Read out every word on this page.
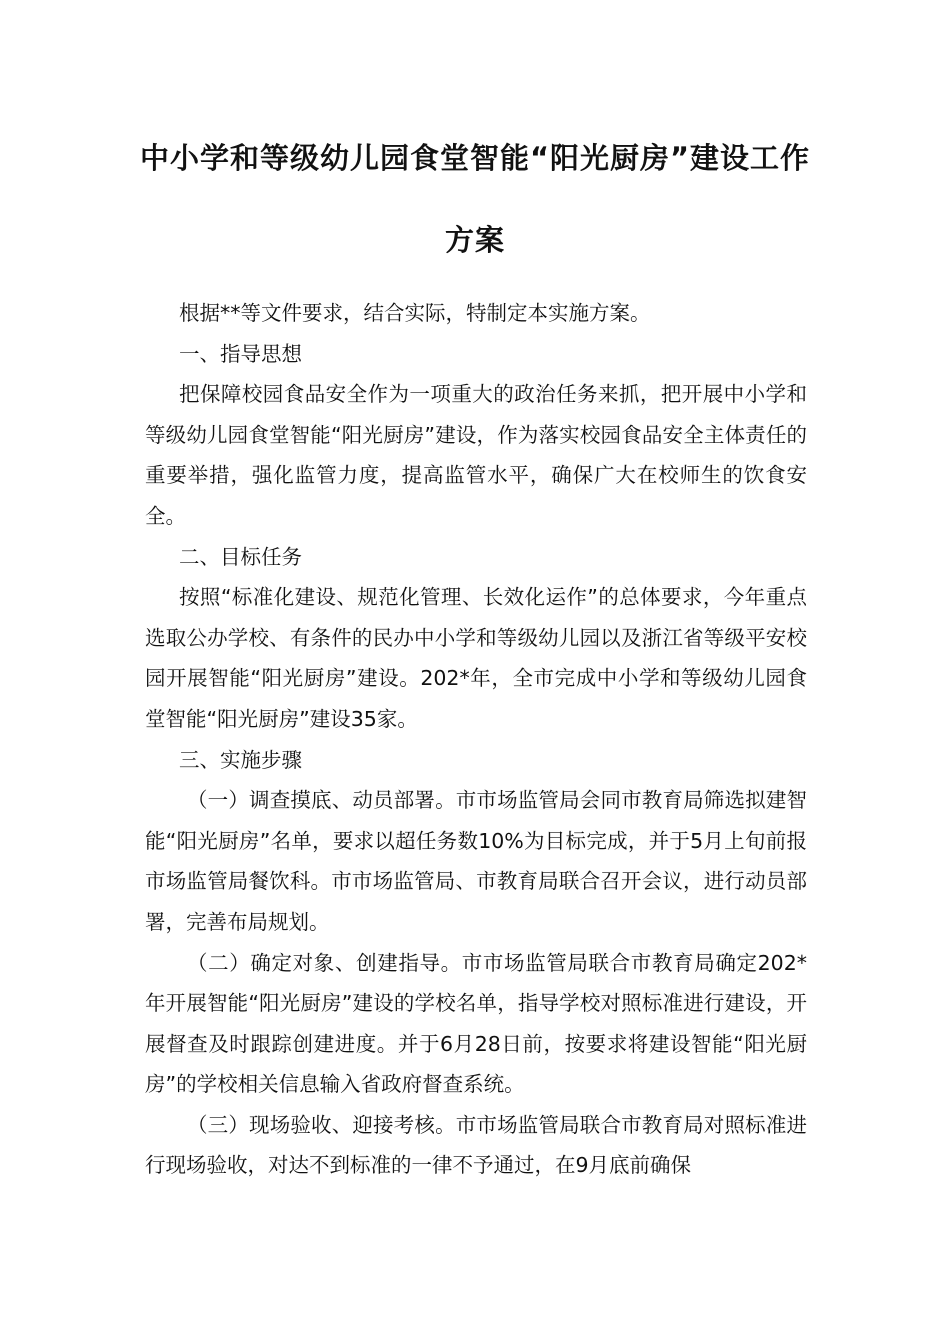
中小学和等级幼儿园食堂智能“阳光厨房”建设工作
方案

根据**等文件要求，结合实际，特制定本实施方案。

一、指导思想

把保障校园食品安全作为一项重大的政治任务来抓，把开展中小学和等级幼儿园食堂智能“阳光厨房”建设，作为落实校园食品安全主体责任的重要举措，强化监管力度，提高监管水平，确保广大在校师生的饮食安全。

二、目标任务

按照“标准化建设、规范化管理、长效化运作”的总体要求，今年重点选取公办学校、有条件的民办中小学和等级幼儿园以及浙江省等级平安校园开展智能“阳光厨房”建设。202*年，全市完成中小学和等级幼儿园食堂智能“阳光厨房”建设35家。

三、实施步骤

（一）调查摸底、动员部署。市市场监管局会同市教育局筛选拟建智能“阳光厨房”名单，要求以超任务数10%为目标完成，并于5月上旬前报市场监管局餐饮科。市市场监管局、市教育局联合召开会议，进行动员部署，完善布局规划。

（二）确定对象、创建指导。市市场监管局联合市教育局确定202*年开展智能“阳光厨房”建设的学校名单，指导学校对照标准进行建设，开展督查及时跟踪创建进度。并于6月28日前，按要求将建设智能“阳光厨房”的学校相关信息输入省政府督查系统。

（三）现场验收、迎接考核。市市场监管局联合市教育局对照标准进行现场验收，对达不到标准的一律不予通过，在9月底前确保
